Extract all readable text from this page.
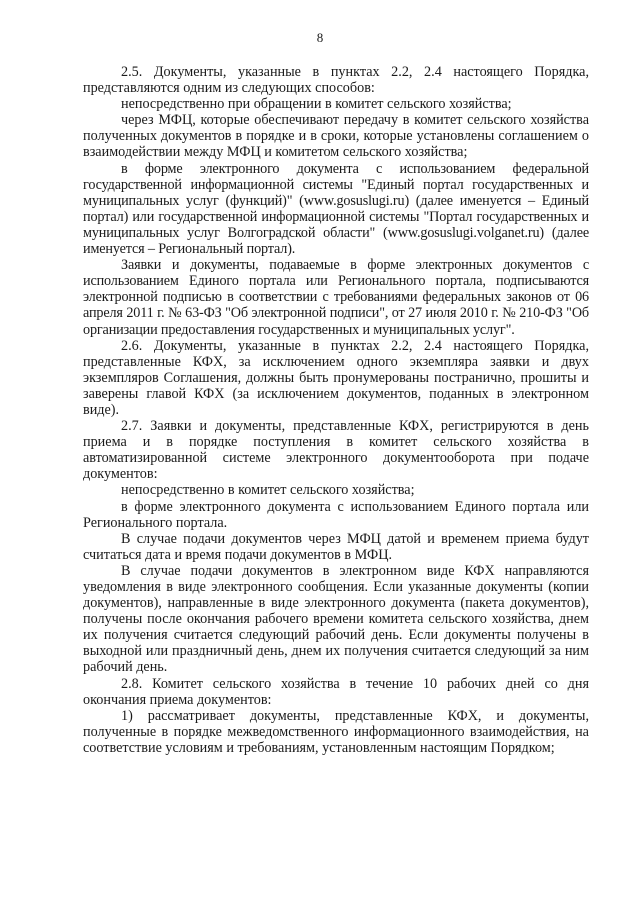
8

2.5. Документы, указанные в пунктах 2.2, 2.4 настоящего Порядка, представляются одним из следующих способов:

непосредственно при обращении в комитет сельского хозяйства;

через МФЦ, которые обеспечивают передачу в комитет сельского хозяйства полученных документов в порядке и в сроки, которые установлены соглашением о взаимодействии между МФЦ и комитетом сельского хозяйства;

в форме электронного документа с использованием федеральной государственной информационной системы "Единый портал государственных и муниципальных услуг (функций)" (www.gosuslugi.ru) (далее именуется – Единый портал) или государственной информационной системы "Портал государственных и муниципальных услуг Волгоградской области" (www.gosuslugi.volganet.ru) (далее именуется – Региональный портал).

Заявки и документы, подаваемые в форме электронных документов с использованием Единого портала или Регионального портала, подписываются электронной подписью в соответствии с требованиями федеральных законов от 06 апреля 2011 г. № 63-ФЗ "Об электронной подписи", от 27 июля 2010 г. № 210-ФЗ "Об организации предоставления государственных и муниципальных услуг".

2.6. Документы, указанные в пунктах 2.2, 2.4 настоящего Порядка, представленные КФХ, за исключением одного экземпляра заявки и двух экземпляров Соглашения, должны быть пронумерованы постранично, прошиты и заверены главой КФХ (за исключением документов, поданных в электронном виде).

2.7. Заявки и документы, представленные КФХ, регистрируются в день приема и в порядке поступления в комитет сельского хозяйства в автоматизированной системе электронного документооборота при подаче документов:

непосредственно в комитет сельского хозяйства;

в форме электронного документа с использованием Единого портала или Регионального портала.

В случае подачи документов через МФЦ датой и временем приема будут считаться дата и время подачи документов в МФЦ.

В случае подачи документов в электронном виде КФХ направляются уведомления в виде электронного сообщения. Если указанные документы (копии документов), направленные в виде электронного документа (пакета документов), получены после окончания рабочего времени комитета сельского хозяйства, днем их получения считается следующий рабочий день. Если документы получены в выходной или праздничный день, днем их получения считается следующий за ним рабочий день.

2.8. Комитет сельского хозяйства в течение 10 рабочих дней со дня окончания приема документов:

1) рассматривает документы, представленные КФХ, и документы, полученные в порядке межведомственного информационного взаимодействия, на соответствие условиям и требованиям, установленным настоящим Порядком;
